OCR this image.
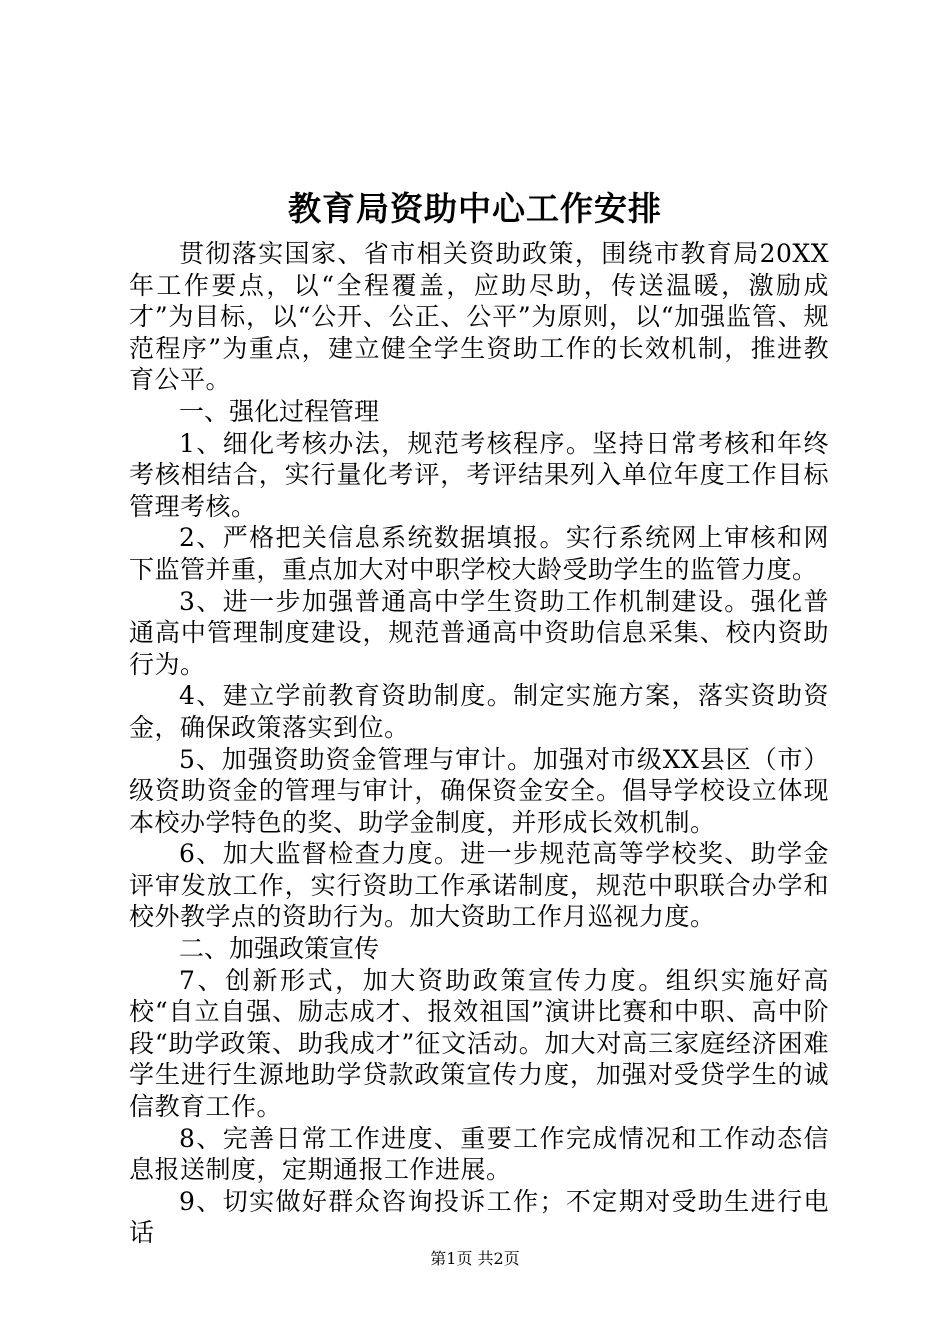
教育局资助中心工作安排

贯彻落实国家、省市相关资助政策，围绕市教育局20XX年工作要点，以“全程覆盖，应助尽助，传送温暖，激励成才”为目标，以“公开、公正、公平”为原则，以“加强监管、规范程序”为重点，建立健全学生资助工作的长效机制，推进教育公平。

一、强化过程管理

1、细化考核办法，规范考核程序。坚持日常考核和年终考核相结合，实行量化考评，考评结果列入单位年度工作目标管理考核。

2、严格把关信息系统数据填报。实行系统网上审核和网下监管并重，重点加大对中职学校大龄受助学生的监管力度。

3、进一步加强普通高中学生资助工作机制建设。强化普通高中管理制度建设，规范普通高中资助信息采集、校内资助行为。

4、建立学前教育资助制度。制定实施方案，落实资助资金，确保政策落实到位。

5、加强资助资金管理与审计。加强对市级XX县区（市）级资助资金的管理与审计，确保资金安全。倡导学校设立体现本校办学特色的奖、助学金制度，并形成长效机制。

6、加大监督检查力度。进一步规范高等学校奖、助学金评审发放工作，实行资助工作承诺制度，规范中职联合办学和校外教学点的资助行为。加大资助工作月巡视力度。

二、加强政策宣传

7、创新形式，加大资助政策宣传力度。组织实施好高校“自立自强、励志成才、报效祖国”演讲比赛和中职、高中阶段“助学政策、助我成才”征文活动。加大对高三家庭经济困难学生进行生源地助学贷款政策宣传力度，加强对受贷学生的诚信教育工作。

8、完善日常工作进度、重要工作完成情况和工作动态信息报送制度，定期通报工作进展。

9、切实做好群众咨询投诉工作；不定期对受助生进行电话

第1页 共2页
